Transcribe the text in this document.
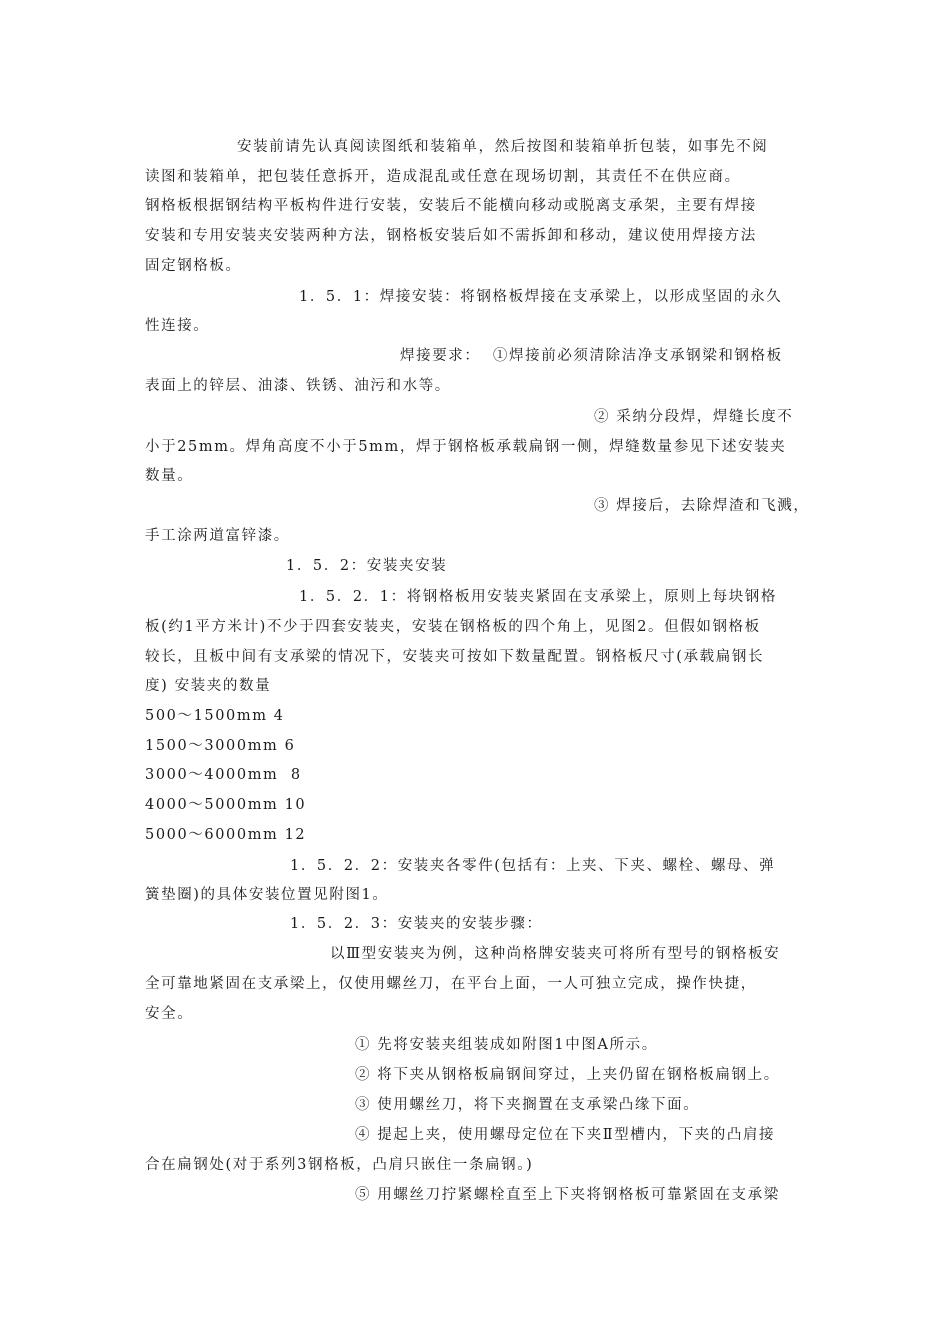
安装前请先认真阅读图纸和装箱单，然后按图和装箱单折包装，如事先不阅
读图和装箱单，把包装任意拆开，造成混乱或任意在现场切割，其责任不在供应商。
钢格板根据钢结构平板构件进行安装，安装后不能横向移动或脱离支承架，主要有焊接
安装和专用安装夹安装两种方法，钢格板安装后如不需拆卸和移动，建议使用焊接方法
固定钢格板。
1．5．1：焊接安装：将钢格板焊接在支承梁上，以形成坚固的永久
性连接。
焊接要求：  ①焊接前必须清除洁净支承钢梁和钢格板
表面上的锌层、油漆、铁锈、油污和水等。
② 采纳分段焊，焊缝长度不
小于25mm。焊角高度不小于5mm，焊于钢格板承载扁钢一侧，焊缝数量参见下述安装夹
数量。
③ 焊接后，去除焊渣和飞溅，
手工涂两道富锌漆。
1．5．2：安装夹安装
1．5．2．1：将钢格板用安装夹紧固在支承梁上，原则上每块钢格
板(约1平方米计)不少于四套安装夹，安装在钢格板的四个角上，见图2。但假如钢格板
较长，且板中间有支承梁的情况下，安装夹可按如下数量配置。钢格板尺寸(承载扁钢长
度) 安装夹的数量
500～1500mm 4
1500～3000mm 6
3000～4000mm  8
4000～5000mm 10
5000～6000mm 12
1．5．2．2：安装夹各零件(包括有：上夹、下夹、螺栓、螺母、弹
簧垫圈)的具体安装位置见附图1。
1．5．2．3：安装夹的安装步骤：
以Ⅲ型安装夹为例，这种尚格牌安装夹可将所有型号的钢格板安
全可靠地紧固在支承梁上，仅使用螺丝刀，在平台上面，一人可独立完成，操作快捷，
安全。
① 先将安装夹组装成如附图1中图A所示。
② 将下夹从钢格板扁钢间穿过，上夹仍留在钢格板扁钢上。
③ 使用螺丝刀，将下夹搁置在支承梁凸缘下面。
④ 提起上夹，使用螺母定位在下夹Ⅱ型槽内，下夹的凸肩接
合在扁钢处(对于系列3钢格板，凸肩只嵌住一条扁钢。)
⑤ 用螺丝刀拧紧螺栓直至上下夹将钢格板可靠紧固在支承梁
